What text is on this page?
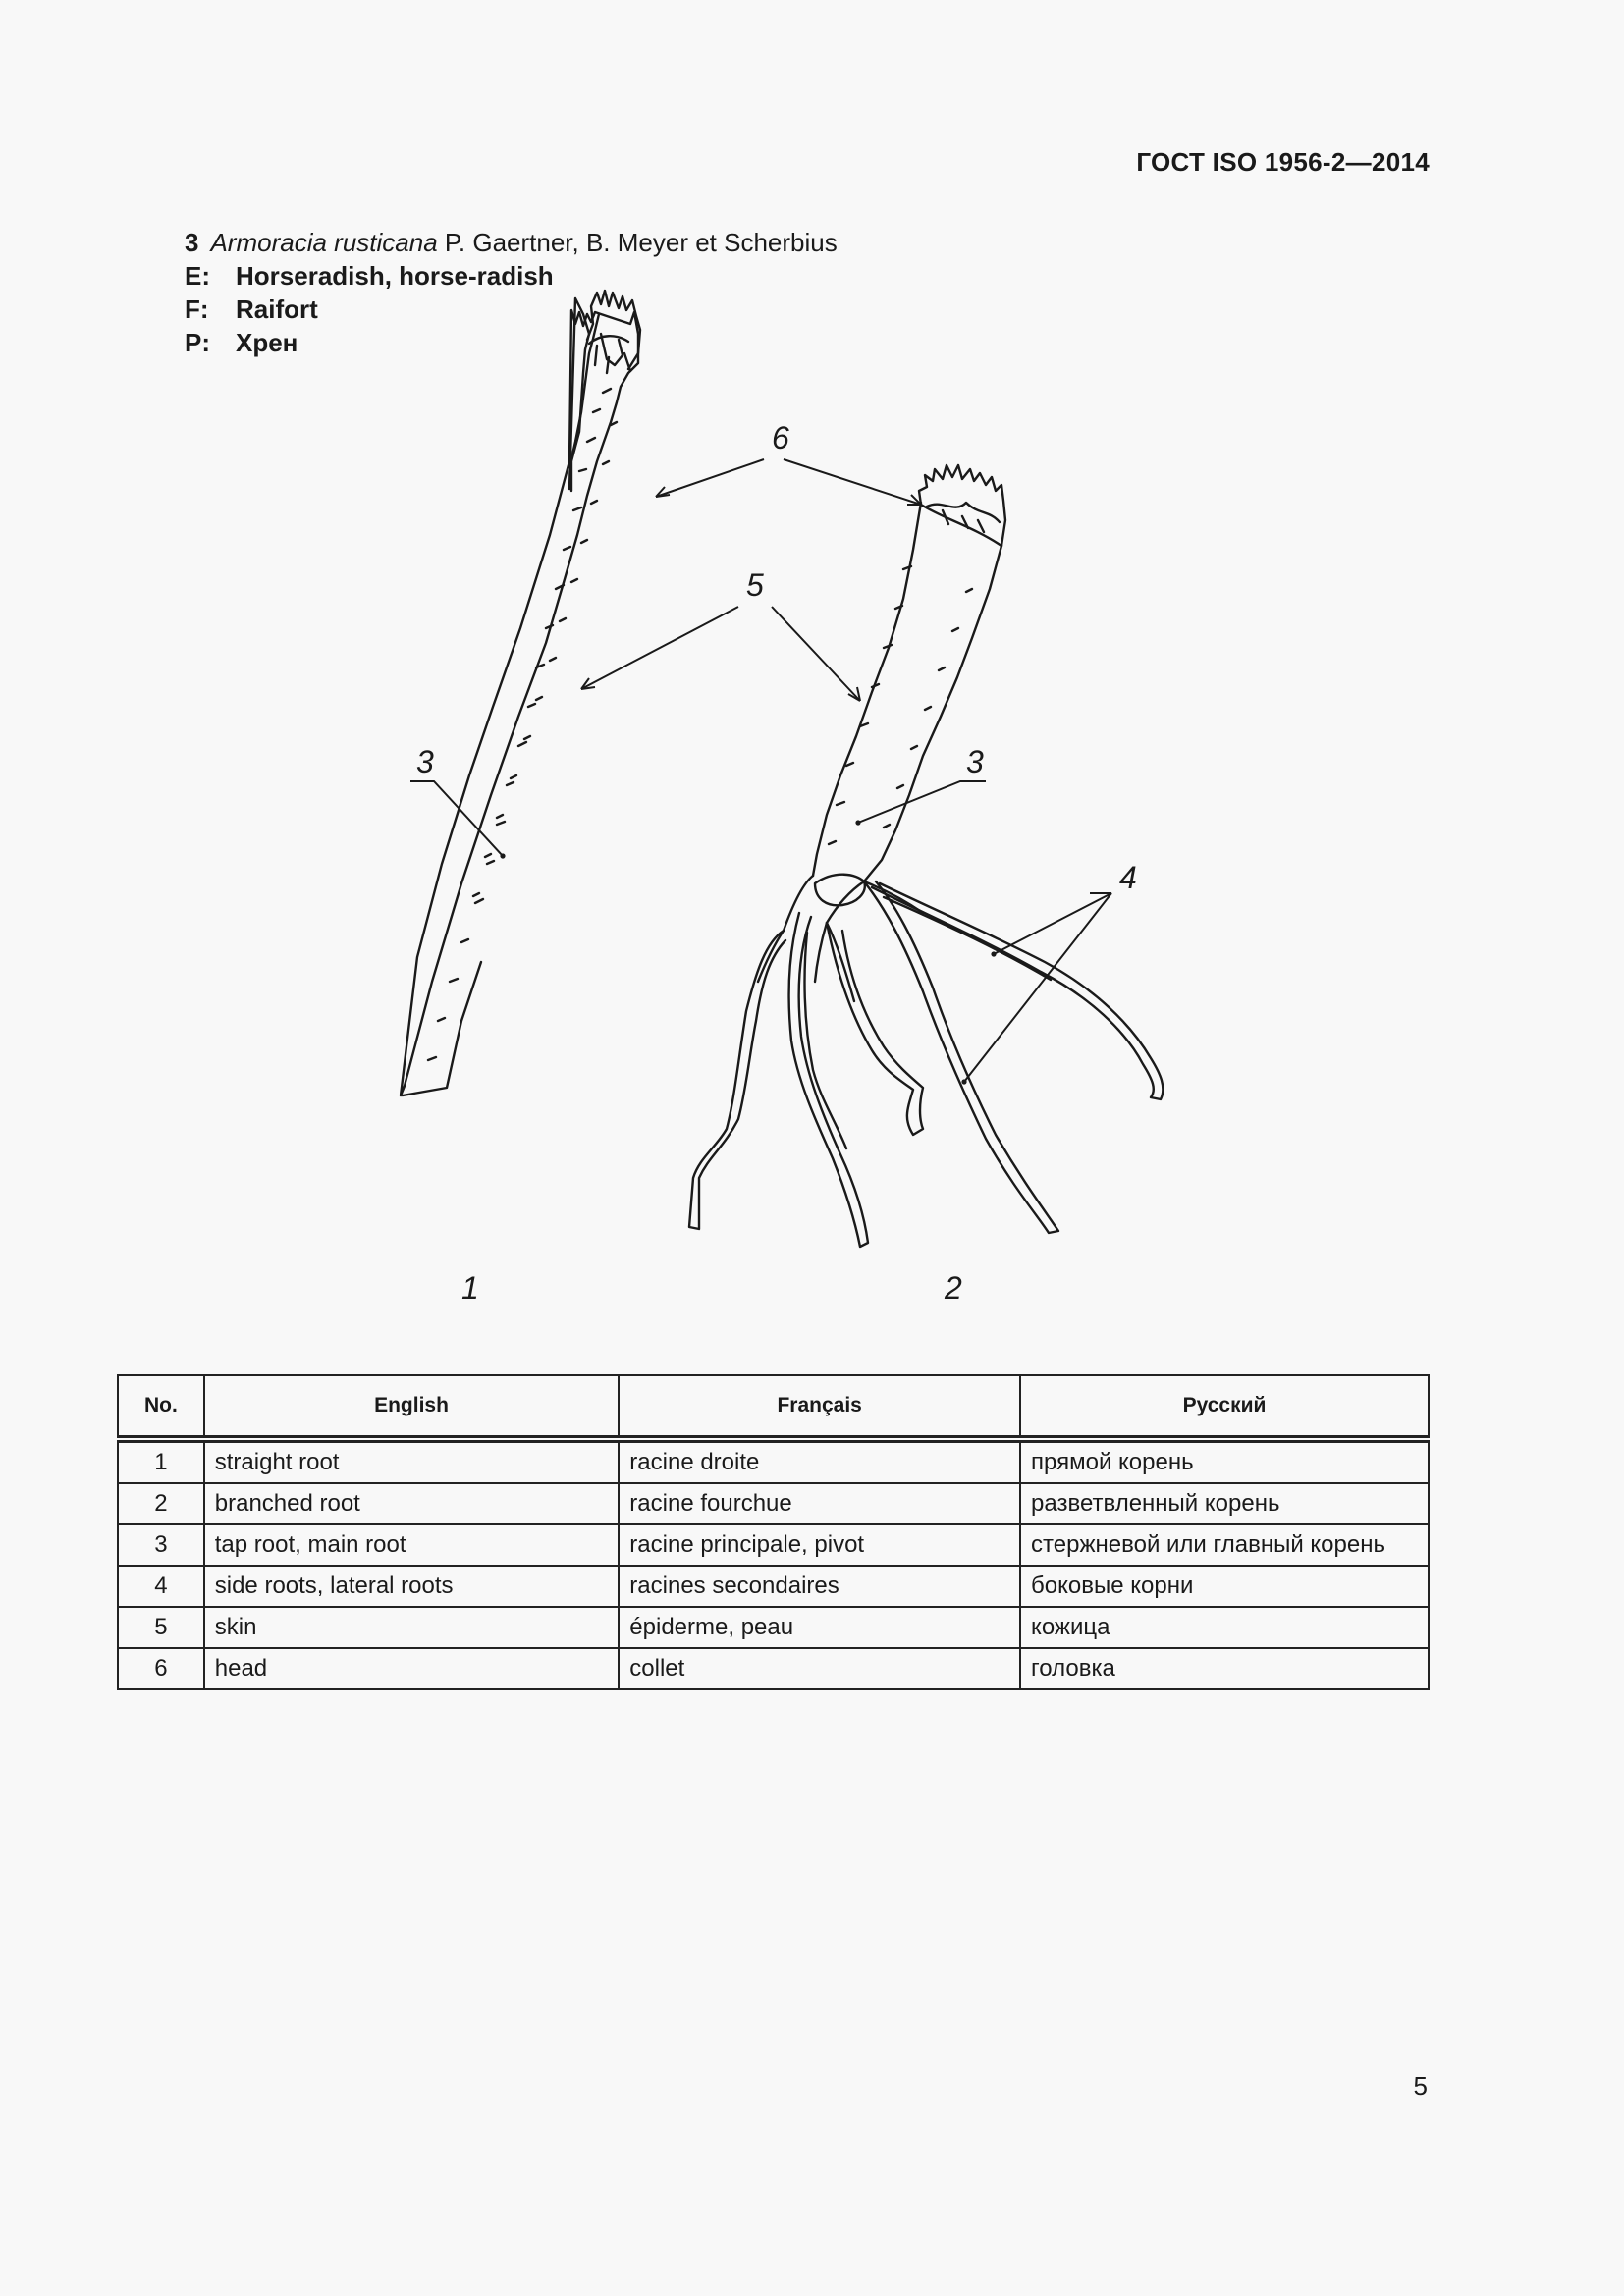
ГОСТ ISO 1956-2—2014
3 Armoracia rusticana P. Gaertner, B. Meyer et Scherbius
E: Horseradish, horse-radish
F: Raifort
P: Хрен
6
5
3	3
4
1	2
No.	English	Français	Русский
1	straight root	racine droite	прямой корень
2	branched root	racine fourchue	разветвленный корень
3	tap root, main root	racine principale, pivot	стержневой или главный корень
4	side roots, lateral roots	racines secondaires	боковые корни
5	skin	épiderme, peau	кожица
6	head	collet	головка
5
